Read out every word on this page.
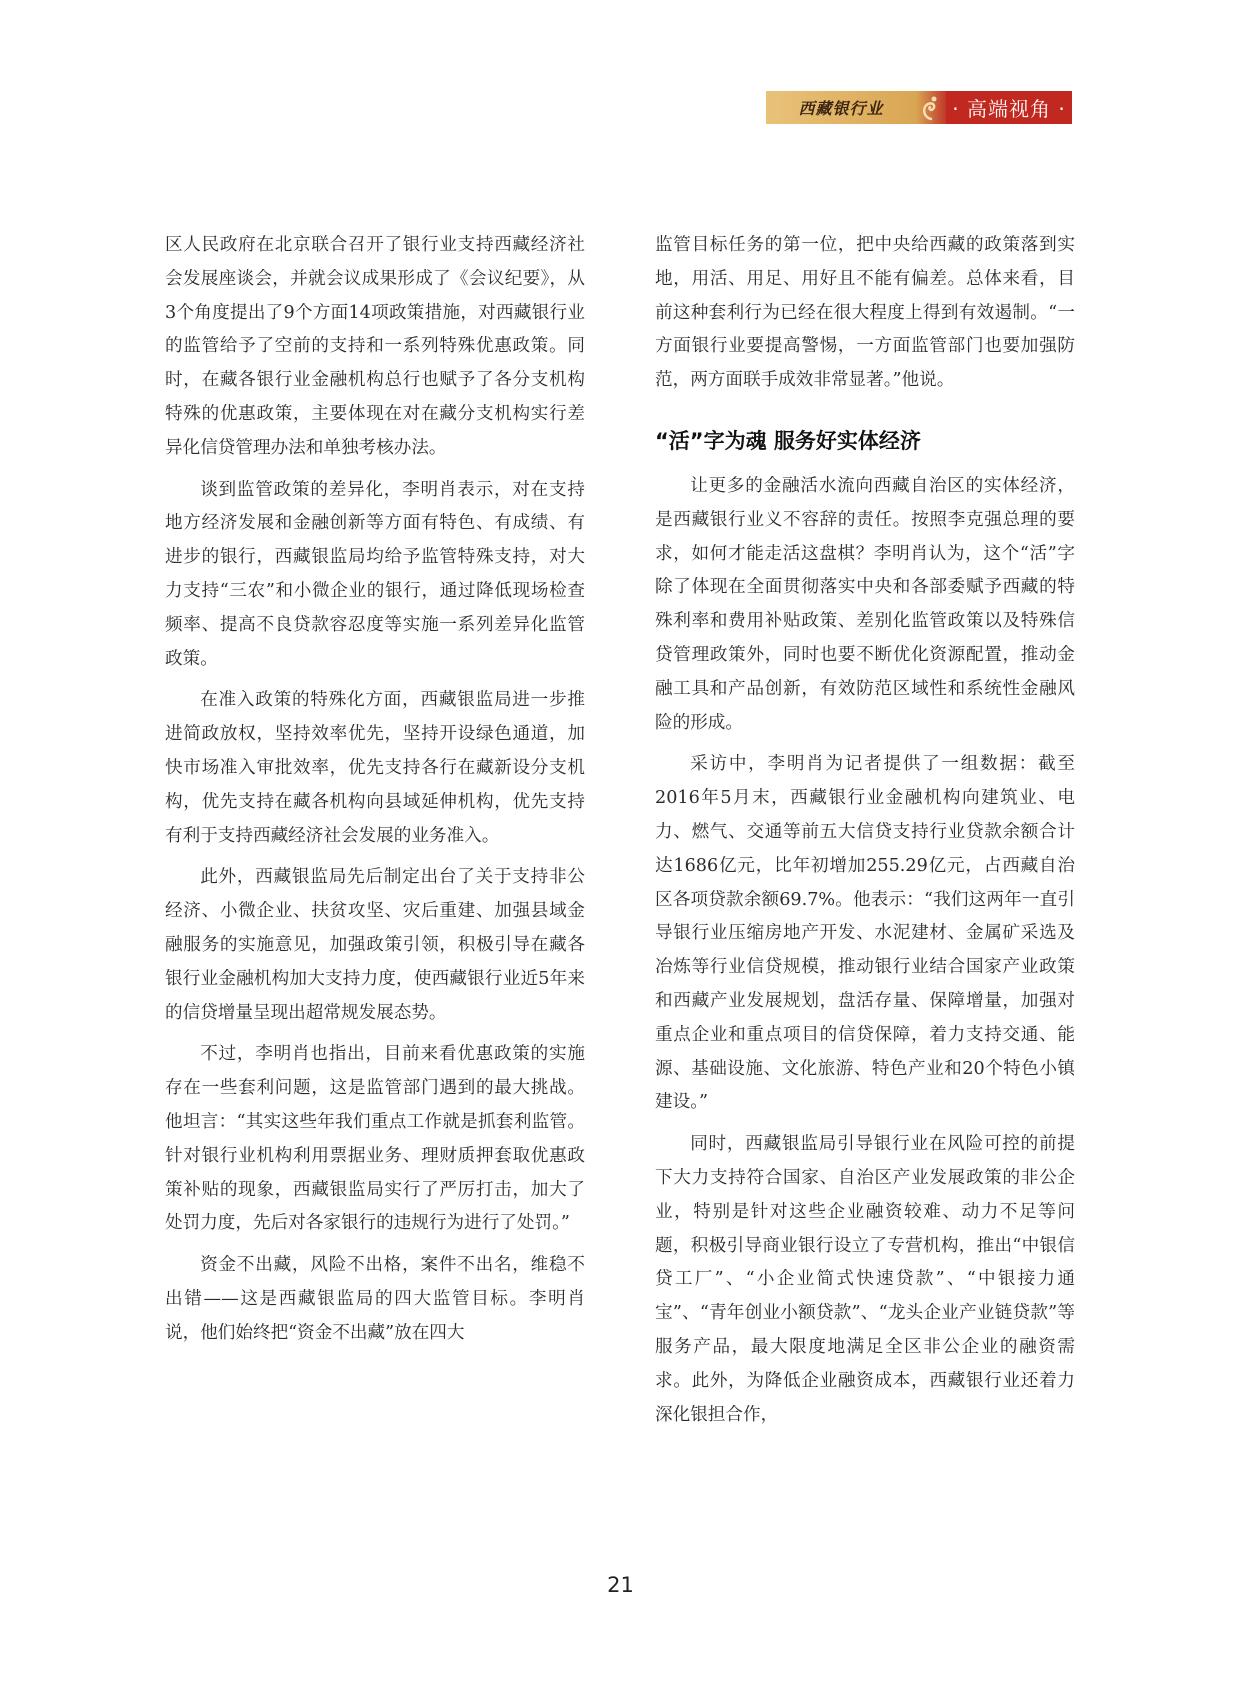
西藏银行业	· 高端视角 ·

区人民政府在北京联合召开了银行业支持西藏经济社会发展座谈会，并就会议成果形成了《会议纪要》，从3个角度提出了9个方面14项政策措施，对西藏银行业的监管给予了空前的支持和一系列特殊优惠政策。同时，在藏各银行业金融机构总行也赋予了各分支机构特殊的优惠政策，主要体现在对在藏分支机构实行差异化信贷管理办法和单独考核办法。

谈到监管政策的差异化，李明肖表示，对在支持地方经济发展和金融创新等方面有特色、有成绩、有进步的银行，西藏银监局均给予监管特殊支持，对大力支持“三农”和小微企业的银行，通过降低现场检查频率、提高不良贷款容忍度等实施一系列差异化监管政策。

在准入政策的特殊化方面，西藏银监局进一步推进简政放权，坚持效率优先，坚持开设绿色通道，加快市场准入审批效率，优先支持各行在藏新设分支机构，优先支持在藏各机构向县域延伸机构，优先支持有利于支持西藏经济社会发展的业务准入。

此外，西藏银监局先后制定出台了关于支持非公经济、小微企业、扶贫攻坚、灾后重建、加强县域金融服务的实施意见，加强政策引领，积极引导在藏各银行业金融机构加大支持力度，使西藏银行业近5年来的信贷增量呈现出超常规发展态势。

不过，李明肖也指出，目前来看优惠政策的实施存在一些套利问题，这是监管部门遇到的最大挑战。他坦言：“其实这些年我们重点工作就是抓套利监管。针对银行业机构利用票据业务、理财质押套取优惠政策补贴的现象，西藏银监局实行了严厉打击，加大了处罚力度，先后对各家银行的违规行为进行了处罚。”

资金不出藏，风险不出格，案件不出名，维稳不出错——这是西藏银监局的四大监管目标。李明肖说，他们始终把“资金不出藏”放在四大

监管目标任务的第一位，把中央给西藏的政策落到实地，用活、用足、用好且不能有偏差。总体来看，目前这种套利行为已经在很大程度上得到有效遏制。“一方面银行业要提高警惕，一方面监管部门也要加强防范，两方面联手成效非常显著。”他说。

“活”字为魂 服务好实体经济

让更多的金融活水流向西藏自治区的实体经济，是西藏银行业义不容辞的责任。按照李克强总理的要求，如何才能走活这盘棋？李明肖认为，这个“活”字除了体现在全面贯彻落实中央和各部委赋予西藏的特殊利率和费用补贴政策、差别化监管政策以及特殊信贷管理政策外，同时也要不断优化资源配置，推动金融工具和产品创新，有效防范区域性和系统性金融风险的形成。

采访中，李明肖为记者提供了一组数据：截至2016年5月末，西藏银行业金融机构向建筑业、电力、燃气、交通等前五大信贷支持行业贷款余额合计达1686亿元，比年初增加255.29亿元，占西藏自治区各项贷款余额69.7%。他表示：“我们这两年一直引导银行业压缩房地产开发、水泥建材、金属矿采选及冶炼等行业信贷规模，推动银行业结合国家产业政策和西藏产业发展规划，盘活存量、保障增量，加强对重点企业和重点项目的信贷保障，着力支持交通、能源、基础设施、文化旅游、特色产业和20个特色小镇建设。”

同时，西藏银监局引导银行业在风险可控的前提下大力支持符合国家、自治区产业发展政策的非公企业，特别是针对这些企业融资较难、动力不足等问题，积极引导商业银行设立了专营机构，推出“中银信贷工厂”、“小企业简式快速贷款”、“中银接力通宝”、“青年创业小额贷款”、“龙头企业产业链贷款”等服务产品，最大限度地满足全区非公企业的融资需求。此外，为降低企业融资成本，西藏银行业还着力深化银担合作，

21
